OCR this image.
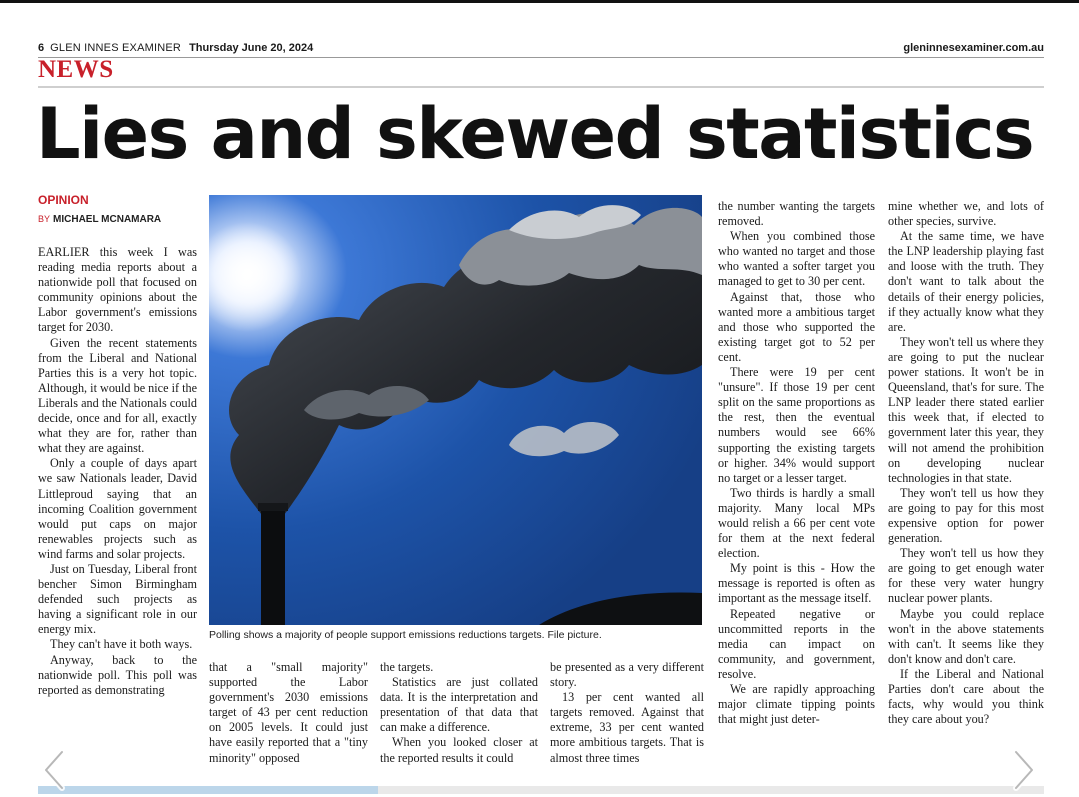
6 GLEN INNES EXAMINER Thursday June 20, 2024	gleninnesexaminer.com.au
NEWS
Lies and skewed statistics
OPINION
BY MICHAEL MCNAMARA

EARLIER this week I was reading media reports about a nationwide poll that focused on community opinions about the Labor government's emissions target for 2030.

Given the recent statements from the Liberal and National Parties this is a very hot topic. Although, it would be nice if the Liberals and the Nationals could decide, once and for all, exactly what they are for, rather than what they are against.

Only a couple of days apart we saw Nationals leader, David Littleproud saying that an incoming Coalition government would put caps on major renewables projects such as wind farms and solar projects.

Just on Tuesday, Liberal front bencher Simon Birmingham defended such projects as having a significant role in our energy mix.

They can't have it both ways.

Anyway, back to the nationwide poll. This poll was reported as demonstrating

Polling shows a majority of people support emissions reductions targets. File picture.

that a "small majority" supported the Labor government's 2030 emissions target of 43 per cent reduction on 2005 levels. It could just have easily reported that a "tiny minority" opposed

the targets.

Statistics are just collated data. It is the interpretation and presentation of that data that can make a difference.

When you looked closer at the reported results it could

be presented as a very different story.

13 per cent wanted all targets removed. Against that extreme, 33 per cent wanted more ambitious targets. That is almost three times

the number wanting the targets removed.

When you combined those who wanted no target and those who wanted a softer target you managed to get to 30 per cent.

Against that, those who wanted more a ambitious target and those who supported the existing target got to 52 per cent.

There were 19 per cent "unsure". If those 19 per cent split on the same proportions as the rest, then the eventual numbers would see 66% supporting the existing targets or higher. 34% would support no target or a lesser target.

Two thirds is hardly a small majority. Many local MPs would relish a 66 per cent vote for them at the next federal election.

My point is this - How the message is reported is often as important as the message itself.

Repeated negative or uncommitted reports in the media can impact on community, and government, resolve.

We are rapidly approaching major climate tipping points that might just deter-

mine whether we, and lots of other species, survive.

At the same time, we have the LNP leadership playing fast and loose with the truth. They don't want to talk about the details of their energy policies, if they actually know what they are.

They won't tell us where they are going to put the nuclear power stations. It won't be in Queensland, that's for sure. The LNP leader there stated earlier this week that, if elected to government later this year, they will not amend the prohibition on developing nuclear technologies in that state.

They won't tell us how they are going to pay for this most expensive option for power generation.

They won't tell us how they are going to get enough water for these very water hungry nuclear power plants.

Maybe you could replace won't in the above statements with can't. It seems like they don't know and don't care.

If the Liberal and National Parties don't care about the facts, why would you think they care about you?
